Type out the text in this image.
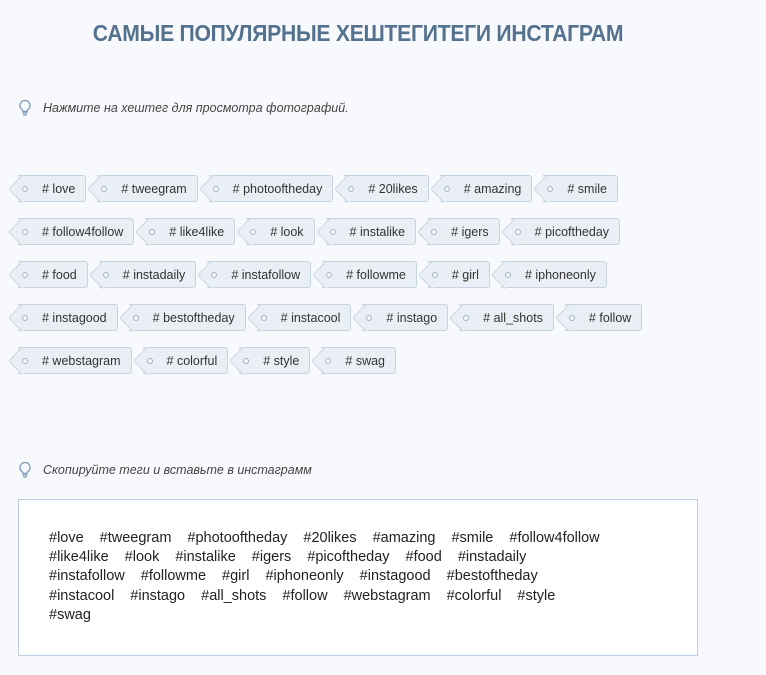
САМЫЕ ПОПУЛЯРНЫЕ ХЕШТЕГИТЕГИ ИНСТАГРАМ
Нажмите на хештег для просмотра фотографий.
# love	# tweegram	# photooftheday	# 20likes	# amazing	# smile
# follow4follow	# like4like	# look	# instalike	# igers	# picoftheday
# food	# instadaily	# instafollow	# followme	# girl	# iphoneonly
# instagood	# bestoftheday	# instacool	# instago	# all_shots	# follow
# webstagram	# colorful	# style	# swag
Скопируйте теги и вставьте в инстаграмм
#love #tweegram #photooftheday #20likes #amazing #smile #follow4follow
#like4like #look #instalike #igers #picoftheday #food #instadaily
#instafollow #followme #girl #iphoneonly #instagood #bestoftheday
#instacool #instago #all_shots #follow #webstagram #colorful #style
#swag
